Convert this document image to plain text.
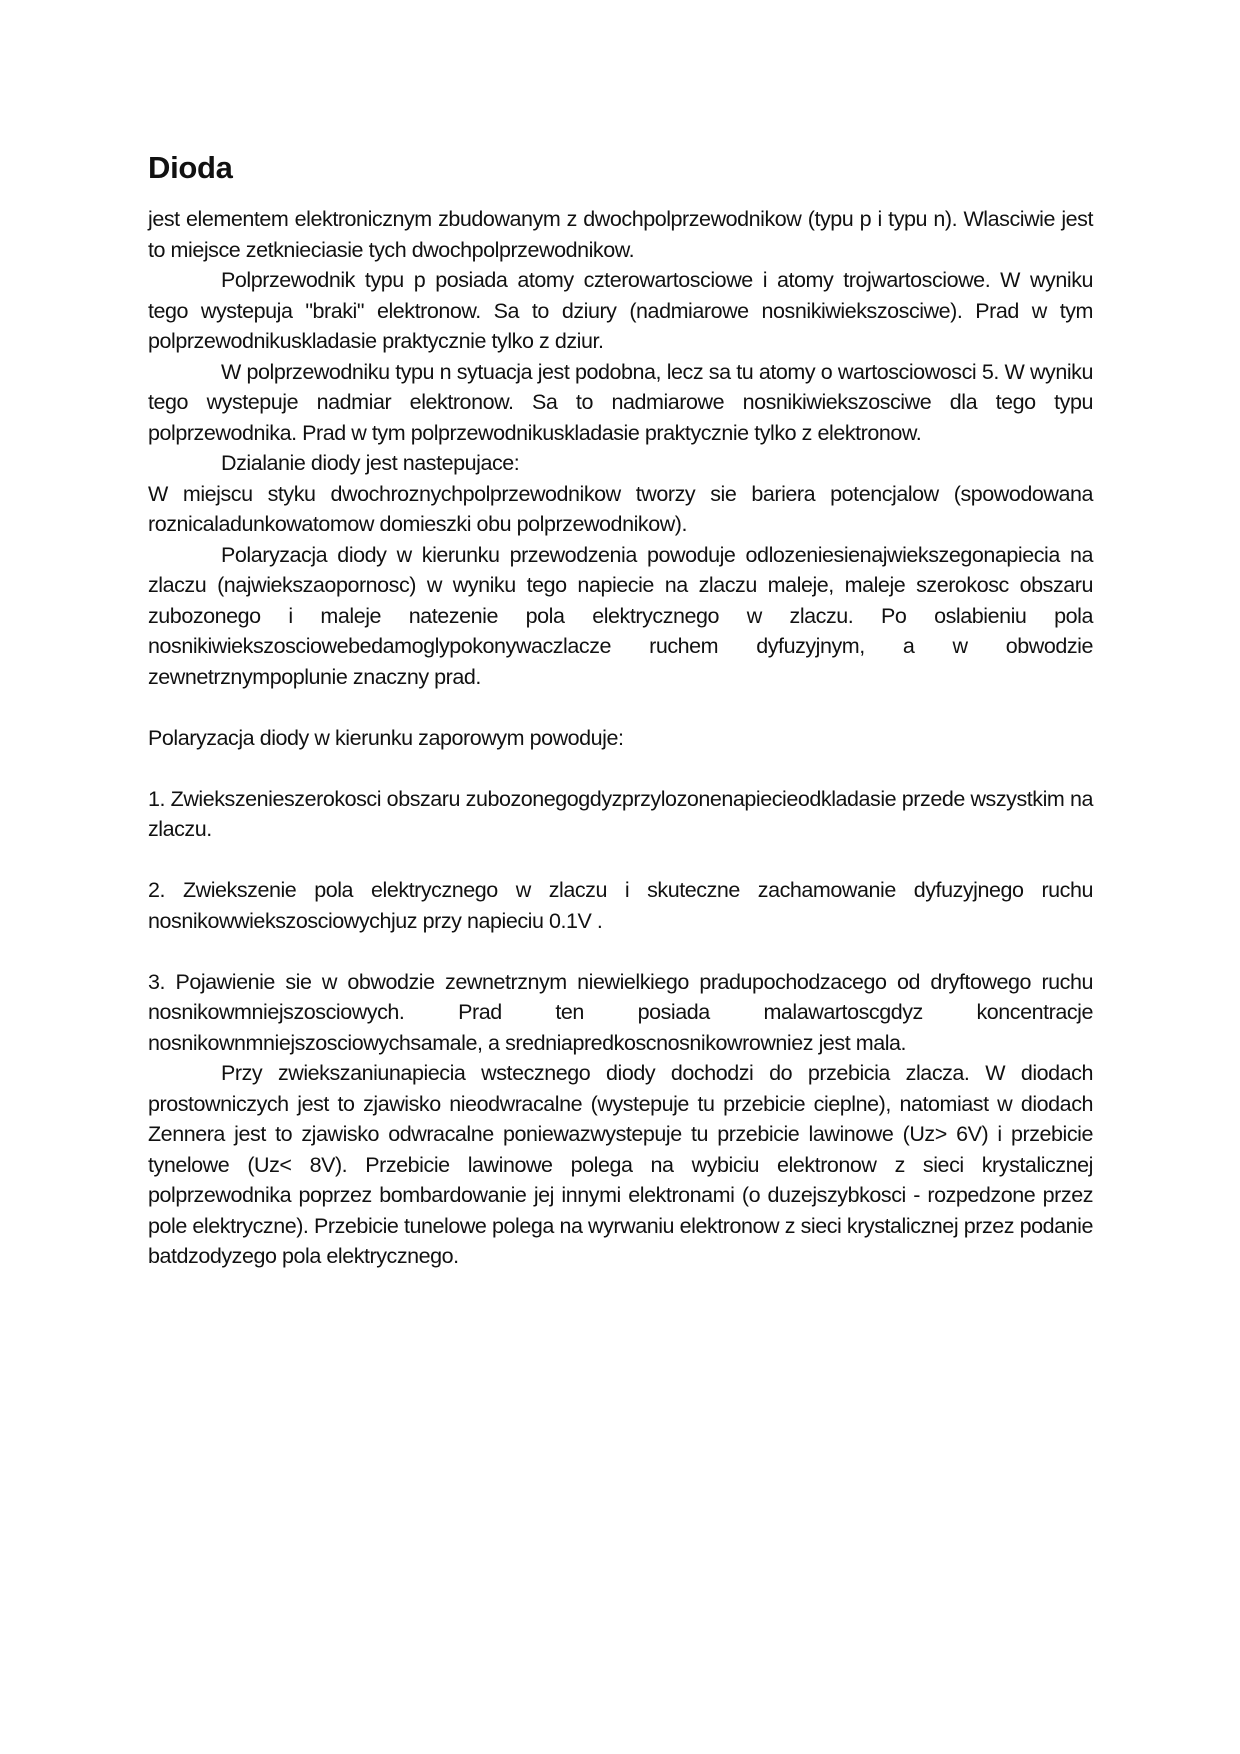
Dioda

jest elementem elektronicznym zbudowanym z dwochpolprzewodnikow (typu p i typu n). Wlasciwie jest to miejsce zetknieciasie tych dwochpolprzewodnikow.

Polprzewodnik typu p posiada atomy czterowartosciowe i atomy trojwartosciowe. W wyniku tego wystepuja "braki" elektronow. Sa to dziury (nadmiarowe nosnikiwiekszosciwe). Prad w tym polprzewodnikuskladasie praktycznie tylko z dziur.

W polprzewodniku typu n sytuacja jest podobna, lecz sa tu atomy o wartosciowosci 5. W wyniku tego wystepuje nadmiar elektronow. Sa to nadmiarowe nosnikiwiekszosciwe dla tego typu polprzewodnika. Prad w tym polprzewodnikuskladasie praktycznie tylko z elektronow.

Dzialanie diody jest nastepujace:

W miejscu styku dwochroznychpolprzewodnikow tworzy sie bariera potencjalow (spowodowana roznicaladunkowatomow domieszki obu polprzewodnikow).

Polaryzacja diody w kierunku przewodzenia powoduje odlozeniesienajwiekszegonapiecia na zlaczu (najwiekszaopornosc) w wyniku tego napiecie na zlaczu maleje, maleje szerokosc obszaru zubozonego i maleje natezenie pola elektrycznego w zlaczu. Po oslabieniu pola nosnikiwiekszosciowebedamoglypokonywaczlacze ruchem dyfuzyjnym, a w obwodzie zewnetrznympoplunie znaczny prad.

Polaryzacja diody w kierunku zaporowym powoduje:

1. Zwiekszenieszerokosci obszaru zubozonegogdyzprzylozonenapiecieodkladasie przede wszystkim na zlaczu.

2. Zwiekszenie pola elektrycznego w zlaczu i skuteczne zachamowanie dyfuzyjnego ruchu nosnikowwiekszosciowychjuz przy napieciu 0.1V .

3. Pojawienie sie w obwodzie zewnetrznym niewielkiego pradupochodzacego od dryftowego ruchu nosnikowmniejszosciowych. Prad ten posiada malawartoscgdyz koncentracje nosnikownmniejszosciowychsamale, a sredniapredkoscnosnikowrowniez jest mala.

Przy zwiekszaniunapiecia wstecznego diody dochodzi do przebicia zlacza. W diodach prostowniczych jest to zjawisko nieodwracalne (wystepuje tu przebicie cieplne), natomiast w diodach Zennera jest to zjawisko odwracalne poniewazwystepuje tu przebicie lawinowe (Uz> 6V) i przebicie tynelowe (Uz< 8V). Przebicie lawinowe polega na wybiciu elektronow z sieci krystalicznej polprzewodnika poprzez bombardowanie jej innymi elektronami (o duzejszybkosci - rozpedzone przez pole elektryczne). Przebicie tunelowe polega na wyrwaniu elektronow z sieci krystalicznej przez podanie batdzodyzego pola elektrycznego.
